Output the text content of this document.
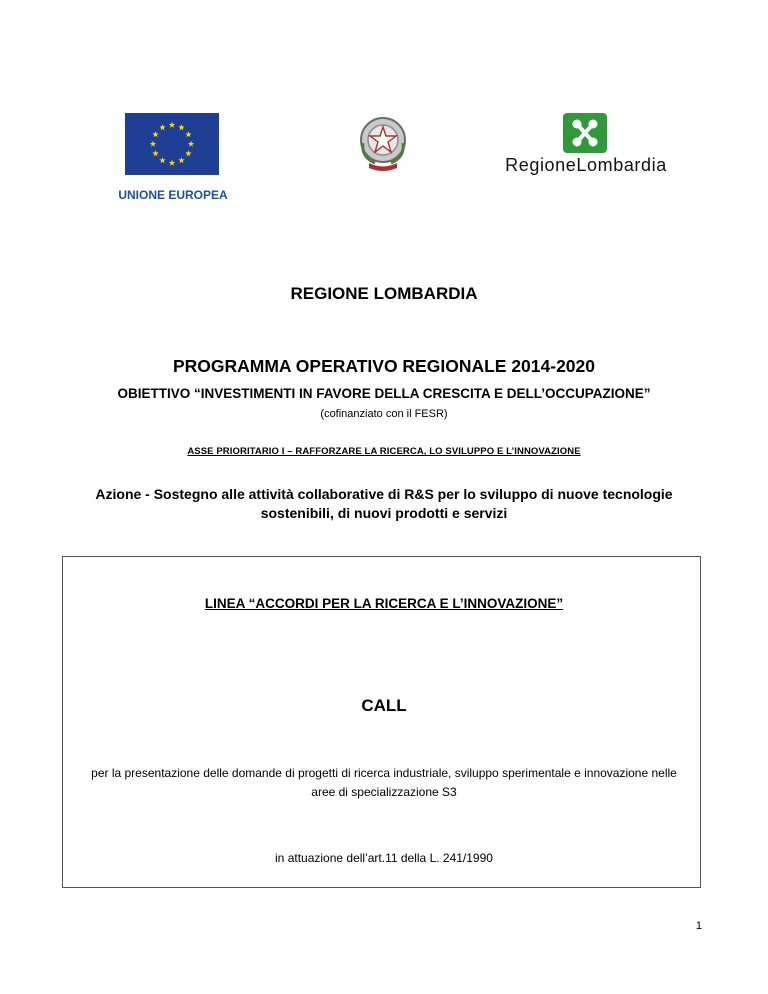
UNIONE EUROPEA
RegioneLombardia
REGIONE LOMBARDIA
PROGRAMMA OPERATIVO REGIONALE 2014-2020
OBIETTIVO “INVESTIMENTI IN FAVORE DELLA CRESCITA E DELL’OCCUPAZIONE”
(cofinanziato con il FESR)
ASSE PRIORITARIO I – RAFFORZARE LA RICERCA, LO SVILUPPO E L’INNOVAZIONE
Azione - Sostegno alle attività collaborative di R&S per lo sviluppo di nuove tecnologie sostenibili, di nuovi prodotti e servizi
LINEA “ACCORDI PER LA RICERCA E L’INNOVAZIONE”
CALL
per la presentazione delle domande di progetti di ricerca industriale, sviluppo sperimentale e innovazione nelle aree di specializzazione S3
in attuazione dell’art.11 della L. 241/1990
1
